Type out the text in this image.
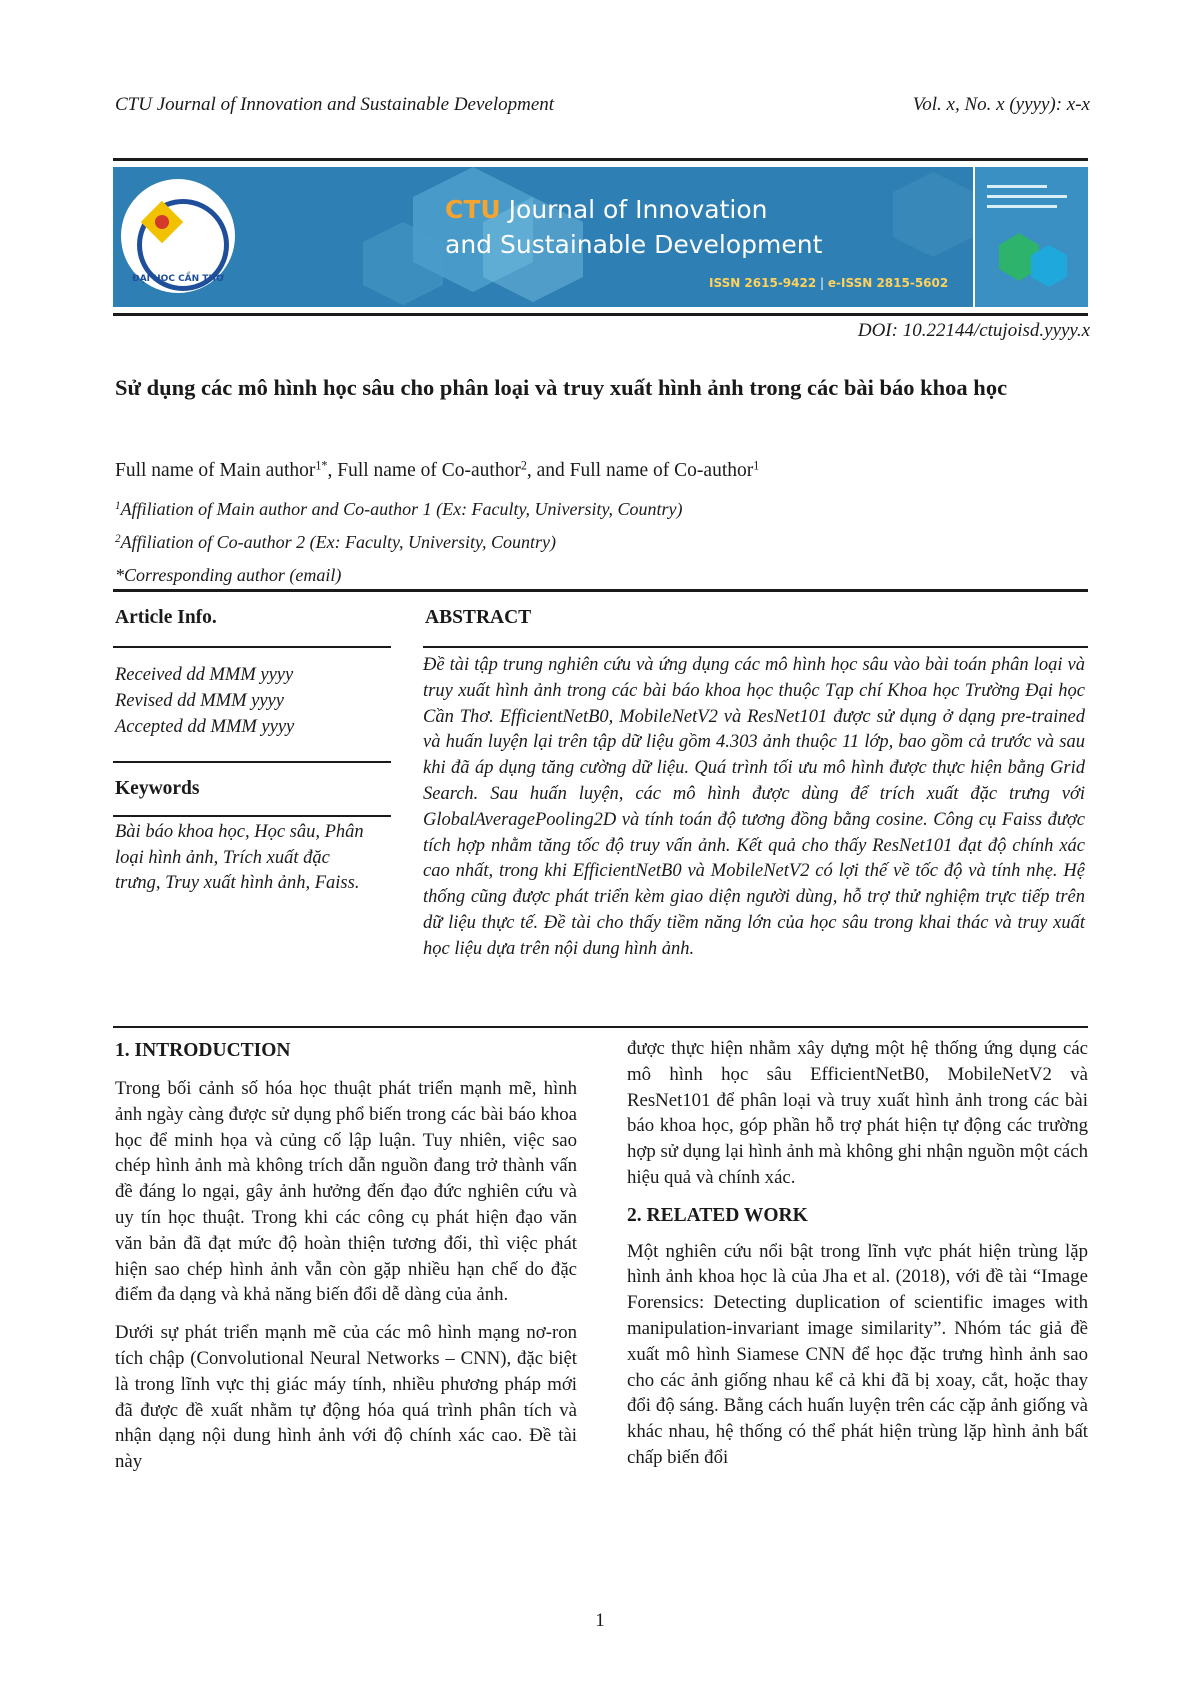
CTU Journal of Innovation and Sustainable Development	Vol. x, No. x (yyyy): x-x
ĐẠI HỌC CẦN THƠ
CTU Journal of Innovation
and Sustainable Development
ISSN 2615-9422 | e-ISSN 2815-5602
DOI: 10.22144/ctujoisd.yyyy.x
Sử dụng các mô hình học sâu cho phân loại và truy xuất hình ảnh trong các bài báo khoa học
Full name of Main author$^{1*}$, Full name of Co-author$^2$, and Full name of Co-author$^1$
$^1$Affiliation of Main author and Co-author 1 (Ex: Faculty, University, Country)
$^2$Affiliation of Co-author 2 (Ex: Faculty, University, Country)
*Corresponding author (email)
Article Info.
Received dd MMM yyyy
Revised dd MMM yyyy
Accepted dd MMM yyyy
Keywords
Bài báo khoa học, Học sâu, Phân loại hình ảnh, Trích xuất đặc trưng, Truy xuất hình ảnh, Faiss.
ABSTRACT
Đề tài tập trung nghiên cứu và ứng dụng các mô hình học sâu vào bài toán phân loại và truy xuất hình ảnh trong các bài báo khoa học thuộc Tạp chí Khoa học Trường Đại học Cần Thơ. EfficientNetB0, MobileNetV2 và ResNet101 được sử dụng ở dạng pre-trained và huấn luyện lại trên tập dữ liệu gồm 4.303 ảnh thuộc 11 lớp, bao gồm cả trước và sau khi đã áp dụng tăng cường dữ liệu. Quá trình tối ưu mô hình được thực hiện bằng Grid Search. Sau huấn luyện, các mô hình được dùng để trích xuất đặc trưng với GlobalAveragePooling2D và tính toán độ tương đồng bằng cosine. Công cụ Faiss được tích hợp nhằm tăng tốc độ truy vấn ảnh. Kết quả cho thấy ResNet101 đạt độ chính xác cao nhất, trong khi EfficientNetB0 và MobileNetV2 có lợi thế về tốc độ và tính nhẹ. Hệ thống cũng được phát triển kèm giao diện người dùng, hỗ trợ thử nghiệm trực tiếp trên dữ liệu thực tế. Đề tài cho thấy tiềm năng lớn của học sâu trong khai thác và truy xuất học liệu dựa trên nội dung hình ảnh.
1. INTRODUCTION

Trong bối cảnh số hóa học thuật phát triển mạnh mẽ, hình ảnh ngày càng được sử dụng phổ biến trong các bài báo khoa học để minh họa và củng cố lập luận. Tuy nhiên, việc sao chép hình ảnh mà không trích dẫn nguồn đang trở thành vấn đề đáng lo ngại, gây ảnh hưởng đến đạo đức nghiên cứu và uy tín học thuật. Trong khi các công cụ phát hiện đạo văn văn bản đã đạt mức độ hoàn thiện tương đối, thì việc phát hiện sao chép hình ảnh vẫn còn gặp nhiều hạn chế do đặc điểm đa dạng và khả năng biến đổi dễ dàng của ảnh.

Dưới sự phát triển mạnh mẽ của các mô hình mạng nơ-ron tích chập (Convolutional Neural Networks – CNN), đặc biệt là trong lĩnh vực thị giác máy tính, nhiều phương pháp mới đã được đề xuất nhằm tự động hóa quá trình phân tích và nhận dạng nội dung hình ảnh với độ chính xác cao. Đề tài này

được thực hiện nhằm xây dựng một hệ thống ứng dụng các mô hình học sâu EfficientNetB0, MobileNetV2 và ResNet101 để phân loại và truy xuất hình ảnh trong các bài báo khoa học, góp phần hỗ trợ phát hiện tự động các trường hợp sử dụng lại hình ảnh mà không ghi nhận nguồn một cách hiệu quả và chính xác.

2. RELATED WORK

Một nghiên cứu nổi bật trong lĩnh vực phát hiện trùng lặp hình ảnh khoa học là của Jha et al. (2018), với đề tài “Image Forensics: Detecting duplication of scientific images with manipulation-invariant image similarity”. Nhóm tác giả đề xuất mô hình Siamese CNN để học đặc trưng hình ảnh sao cho các ảnh giống nhau kể cả khi đã bị xoay, cắt, hoặc thay đổi độ sáng. Bằng cách huấn luyện trên các cặp ảnh giống và khác nhau, hệ thống có thể phát hiện trùng lặp hình ảnh bất chấp biến đổi

1
